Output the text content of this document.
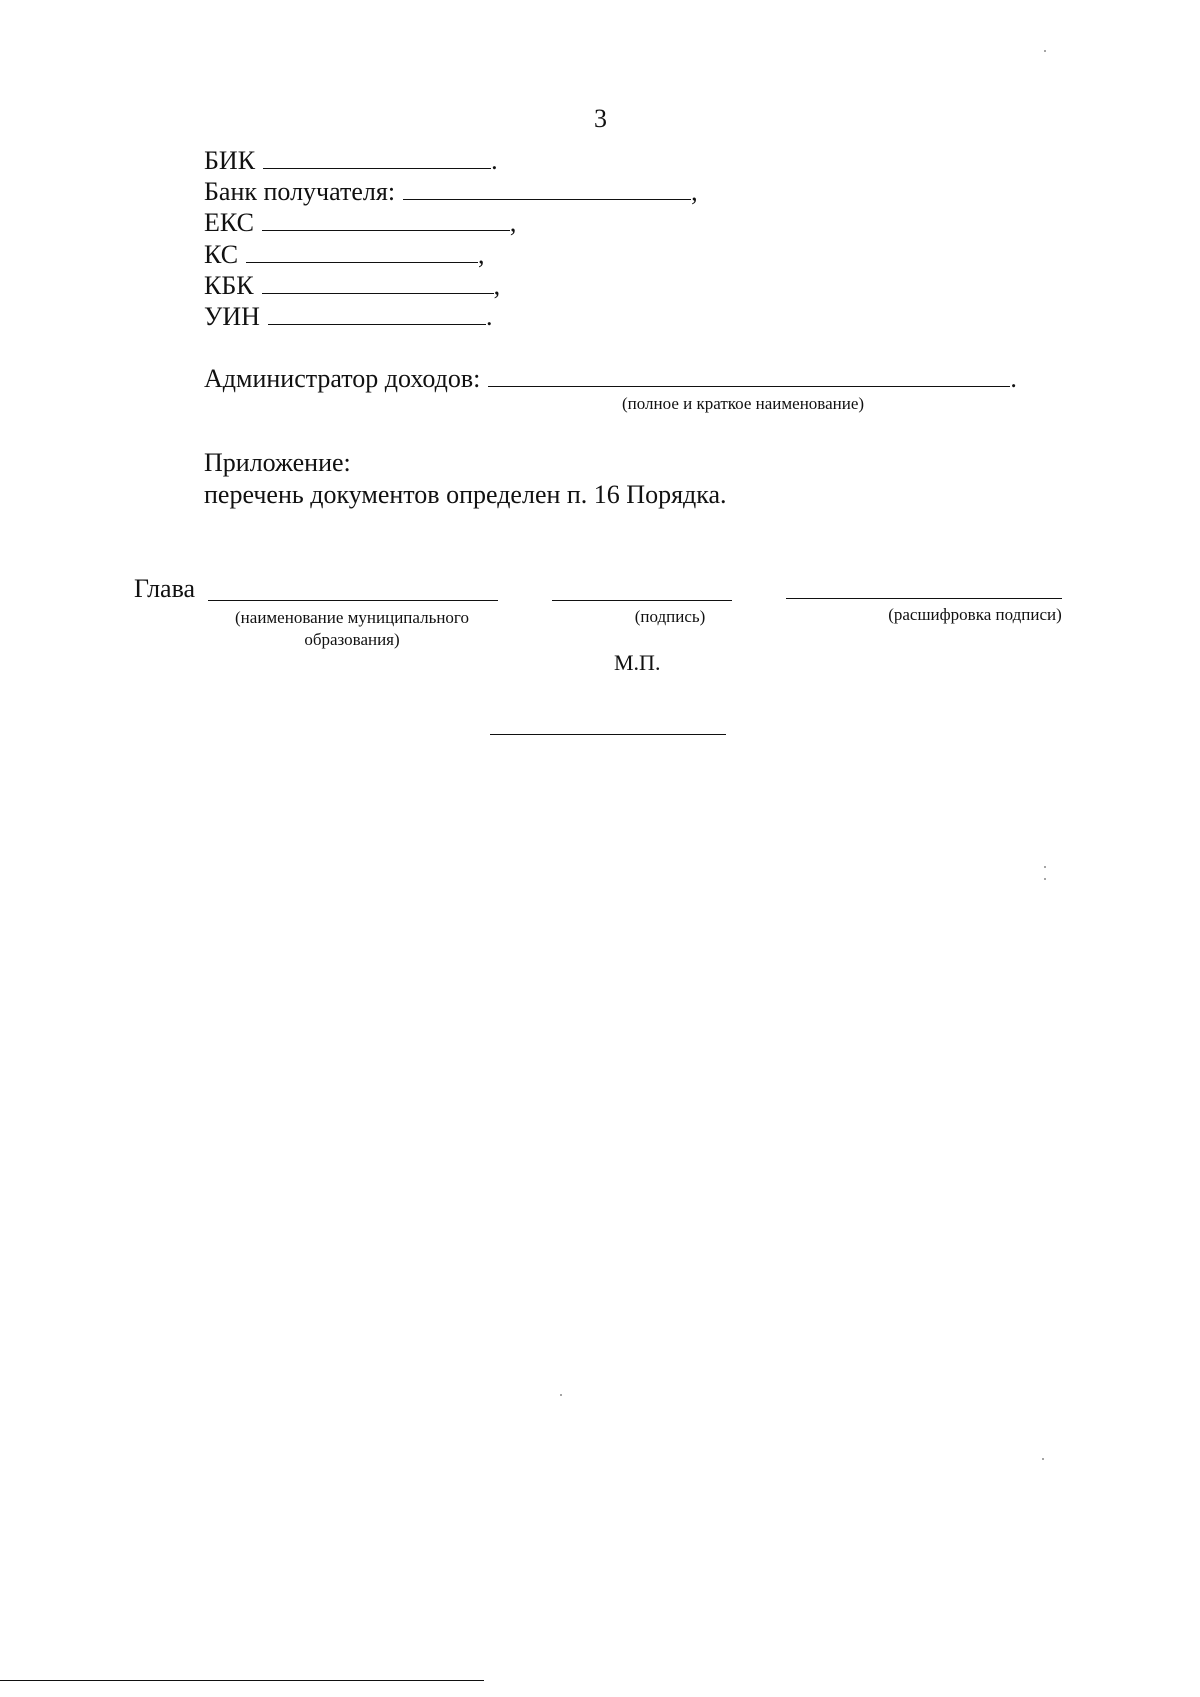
3
БИК	.
Банк получателя:	,
ЕКС	,
КС	,
КБК	,
УИН	.
Администратор доходов:	.
(полное и краткое наименование)
Приложение:
перечень документов определен п. 16 Порядка.
Глава
(наименование муниципального
образования)
(подпись)	(расшифровка подписи)
М.П.
